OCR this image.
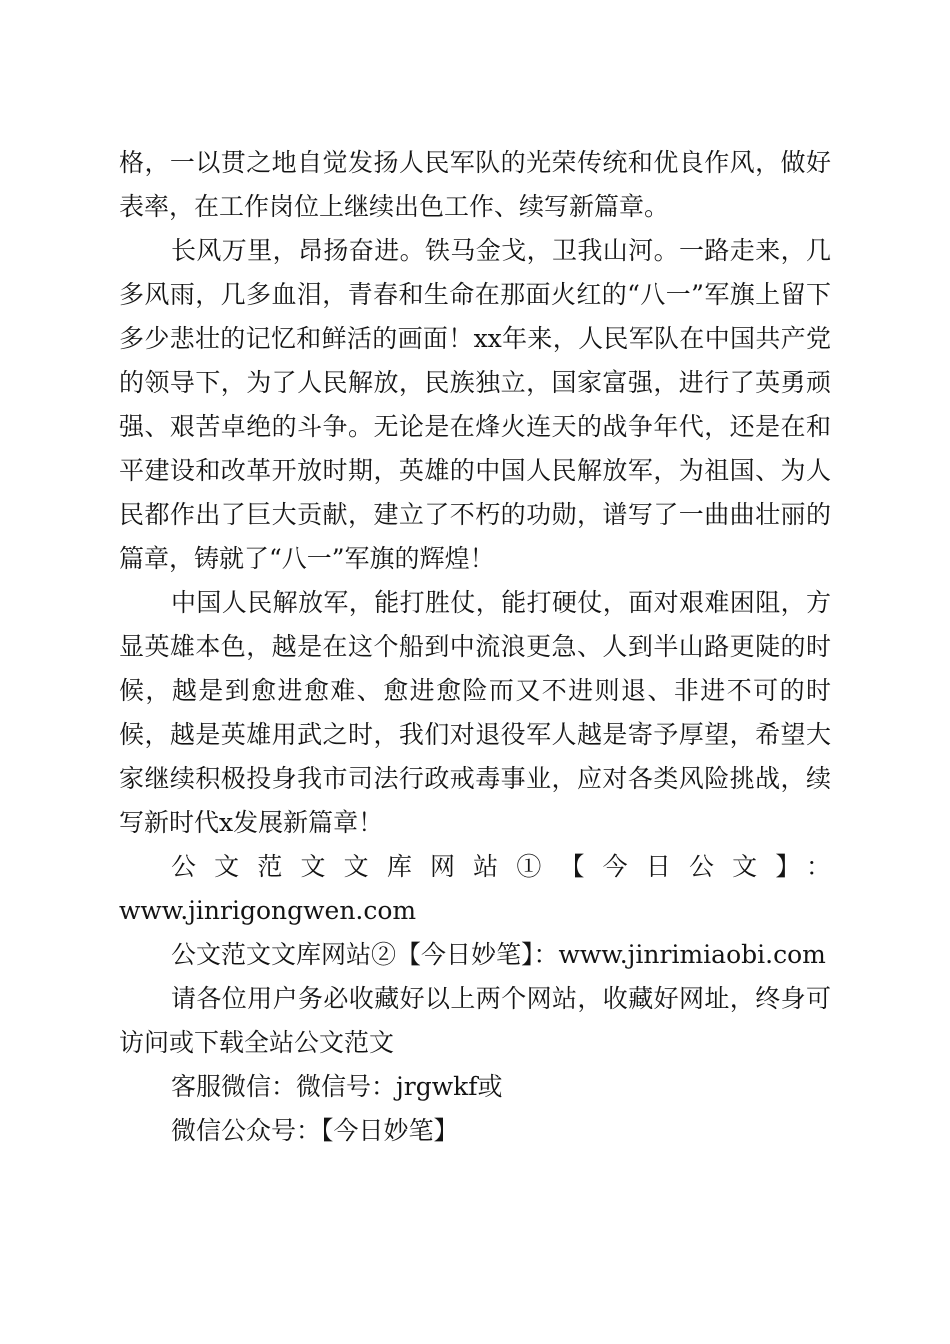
格，一以贯之地自觉发扬人民军队的光荣传统和优良作风，做好表率，在工作岗位上继续出色工作、续写新篇章。

长风万里，昂扬奋进。铁马金戈，卫我山河。一路走来，几多风雨，几多血泪，青春和生命在那面火红的“八一”军旗上留下多少悲壮的记忆和鲜活的画面！xx年来，人民军队在中国共产党的领导下，为了人民解放，民族独立，国家富强，进行了英勇顽强、艰苦卓绝的斗争。无论是在烽火连天的战争年代，还是在和平建设和改革开放时期，英雄的中国人民解放军，为祖国、为人民都作出了巨大贡献，建立了不朽的功勋，谱写了一曲曲壮丽的篇章，铸就了“八一”军旗的辉煌！

中国人民解放军，能打胜仗，能打硬仗，面对艰难困阻，方显英雄本色，越是在这个船到中流浪更急、人到半山路更陡的时候，越是到愈进愈难、愈进愈险而又不进则退、非进不可的时候，越是英雄用武之时，我们对退役军人越是寄予厚望，希望大家继续积极投身我市司法行政戒毒事业，应对各类风险挑战，续写新时代x发展新篇章！

公文范文文库网站①【今日公文】：

www.jinrigongwen.com

公文范文文库网站②【今日妙笔】：www.jinrimiaobi.com

请各位用户务必收藏好以上两个网站，收藏好网址，终身可访问或下载全站公文范文

客服微信：微信号：jrgwkf或

微信公众号：【今日妙笔】
